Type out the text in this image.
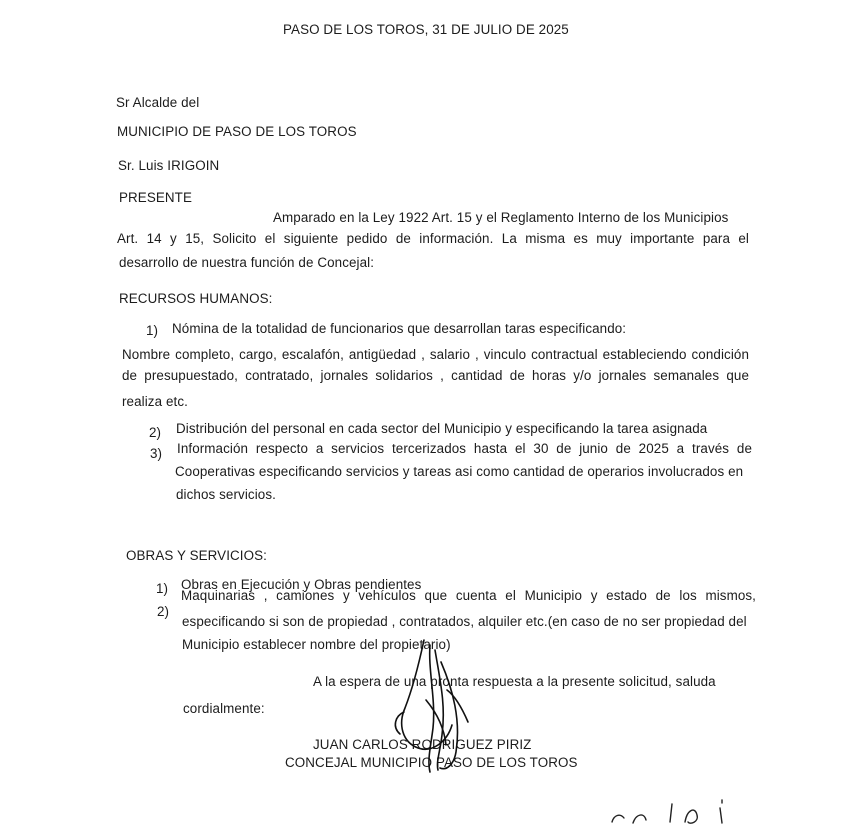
PASO DE LOS TOROS, 31 DE JULIO DE 2025
Sr Alcalde del
MUNICIPIO DE PASO DE LOS TOROS
Sr. Luis IRIGOIN
PRESENTE
Amparado en la Ley 1922 Art. 15 y el Reglamento Interno de los Municipios
Art. 14 y 15, Solicito el siguiente pedido de información. La misma es muy importante para el
desarrollo de nuestra función de Concejal:
RECURSOS HUMANOS:
1) Nómina de la totalidad de funcionarios que desarrollan taras especificando:
Nombre completo, cargo, escalafón, antigüedad , salario , vinculo contractual estableciendo condición
de presupuestado, contratado, jornales solidarios , cantidad de horas y/o jornales semanales que
realiza etc.
2) Distribución del personal en cada sector del Municipio y especificando la tarea asignada
3) Información respecto a servicios tercerizados hasta el 30 de junio de 2025 a través de
Cooperativas especificando servicios y tareas asi como cantidad de operarios involucrados en
dichos servicios.
OBRAS Y SERVICIOS:
1) Obras en Ejecución y Obras pendientes
2)
Maquinarias , camiones y vehículos que cuenta el Municipio y estado de los mismos,
especificando si son de propiedad , contratados, alquiler etc.(en caso de no ser propiedad del
Municipio establecer nombre del propietario)
A la espera de una pronta respuesta a la presente solicitud, saluda
cordialmente:
JUAN CARLOS RODRIGUEZ PIRIZ
CONCEJAL MUNICIPIO PASO DE LOS TOROS
